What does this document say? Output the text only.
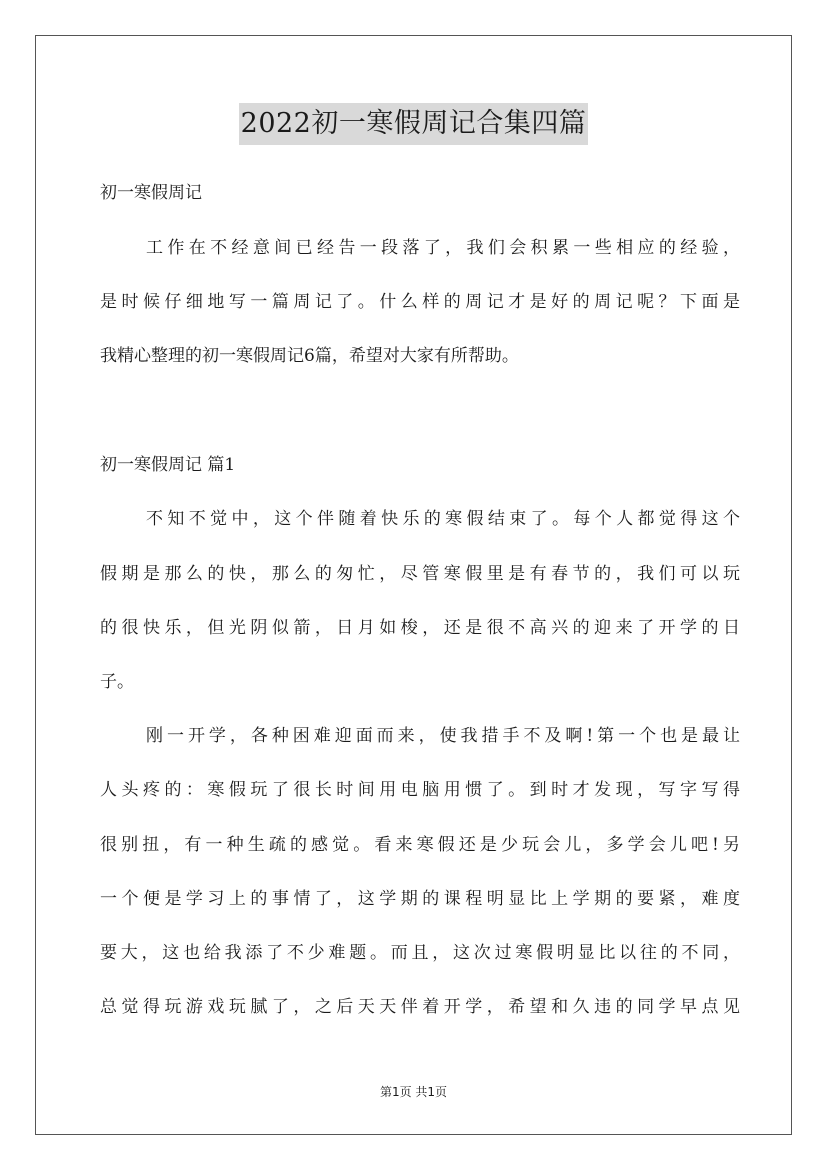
2022初一寒假周记合集四篇
初一寒假周记
工作在不经意间已经告一段落了，我们会积累一些相应的经验，
是时候仔细地写一篇周记了。什么样的周记才是好的周记呢？下面是
我精心整理的初一寒假周记6篇，希望对大家有所帮助。
初一寒假周记 篇1
不知不觉中，这个伴随着快乐的寒假结束了。每个人都觉得这个
假期是那么的快，那么的匆忙，尽管寒假里是有春节的，我们可以玩
的很快乐，但光阴似箭，日月如梭，还是很不高兴的迎来了开学的日
子。
刚一开学，各种困难迎面而来，使我措手不及啊!第一个也是最让
人头疼的：寒假玩了很长时间用电脑用惯了。到时才发现，写字写得
很别扭，有一种生疏的感觉。看来寒假还是少玩会儿，多学会儿吧!另
一个便是学习上的事情了，这学期的课程明显比上学期的要紧，难度
要大，这也给我添了不少难题。而且，这次过寒假明显比以往的不同，
总觉得玩游戏玩腻了，之后天天伴着开学，希望和久违的同学早点见
第1页 共1页
